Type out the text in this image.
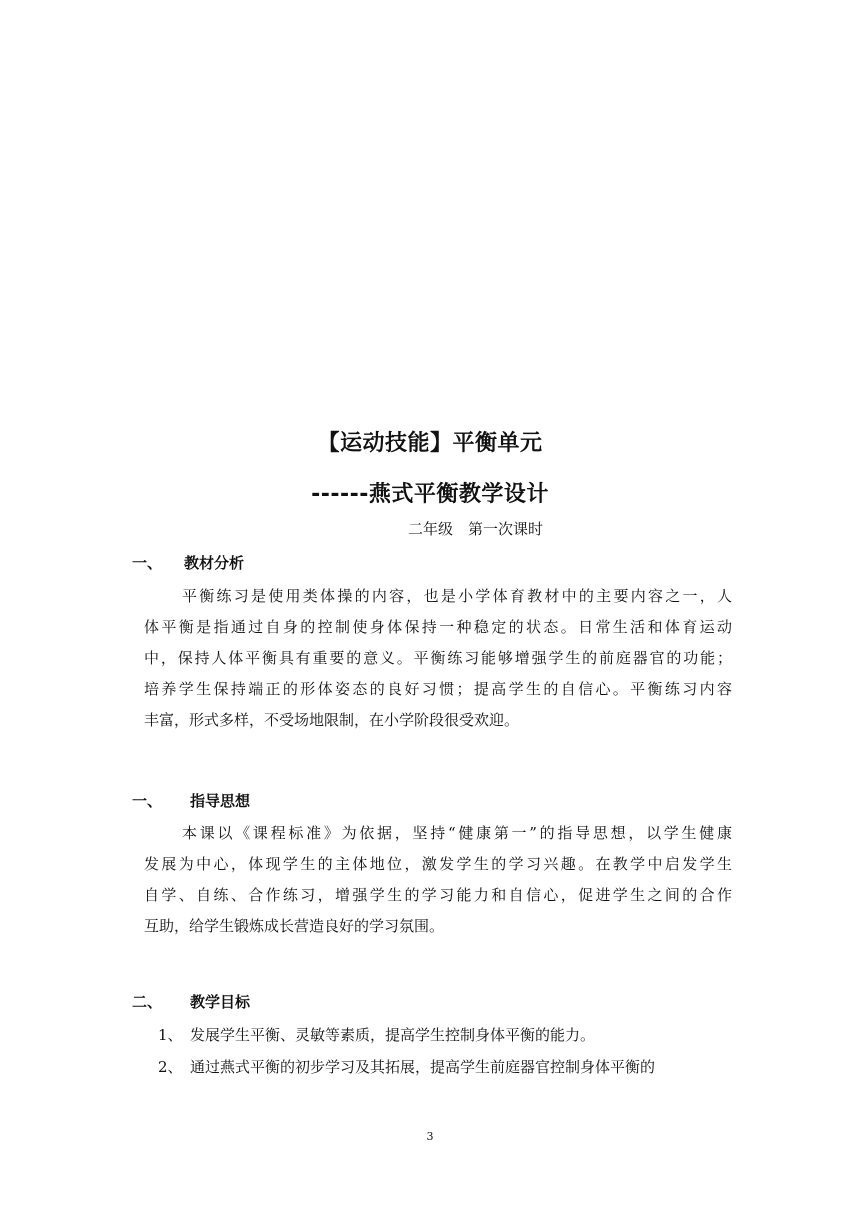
【运动技能】平衡单元
------燕式平衡教学设计
二年级　第一次课时
一、 教材分析
平衡练习是使用类体操的内容，也是小学体育教材中的主要内容之一，人
体平衡是指通过自身的控制使身体保持一种稳定的状态。日常生活和体育运动
中，保持人体平衡具有重要的意义。平衡练习能够增强学生的前庭器官的功能；
培养学生保持端正的形体姿态的良好习惯；提高学生的自信心。平衡练习内容
丰富，形式多样，不受场地限制，在小学阶段很受欢迎。
一、 指导思想
本课以《课程标准》为依据，坚持“健康第一”的指导思想，以学生健康
发展为中心，体现学生的主体地位，激发学生的学习兴趣。在教学中启发学生
自学、自练、合作练习，增强学生的学习能力和自信心，促进学生之间的合作
互助，给学生锻炼成长营造良好的学习氛围。
二、 教学目标
1、 发展学生平衡、灵敏等素质，提高学生控制身体平衡的能力。
2、 通过燕式平衡的初步学习及其拓展，提高学生前庭器官控制身体平衡的
3
